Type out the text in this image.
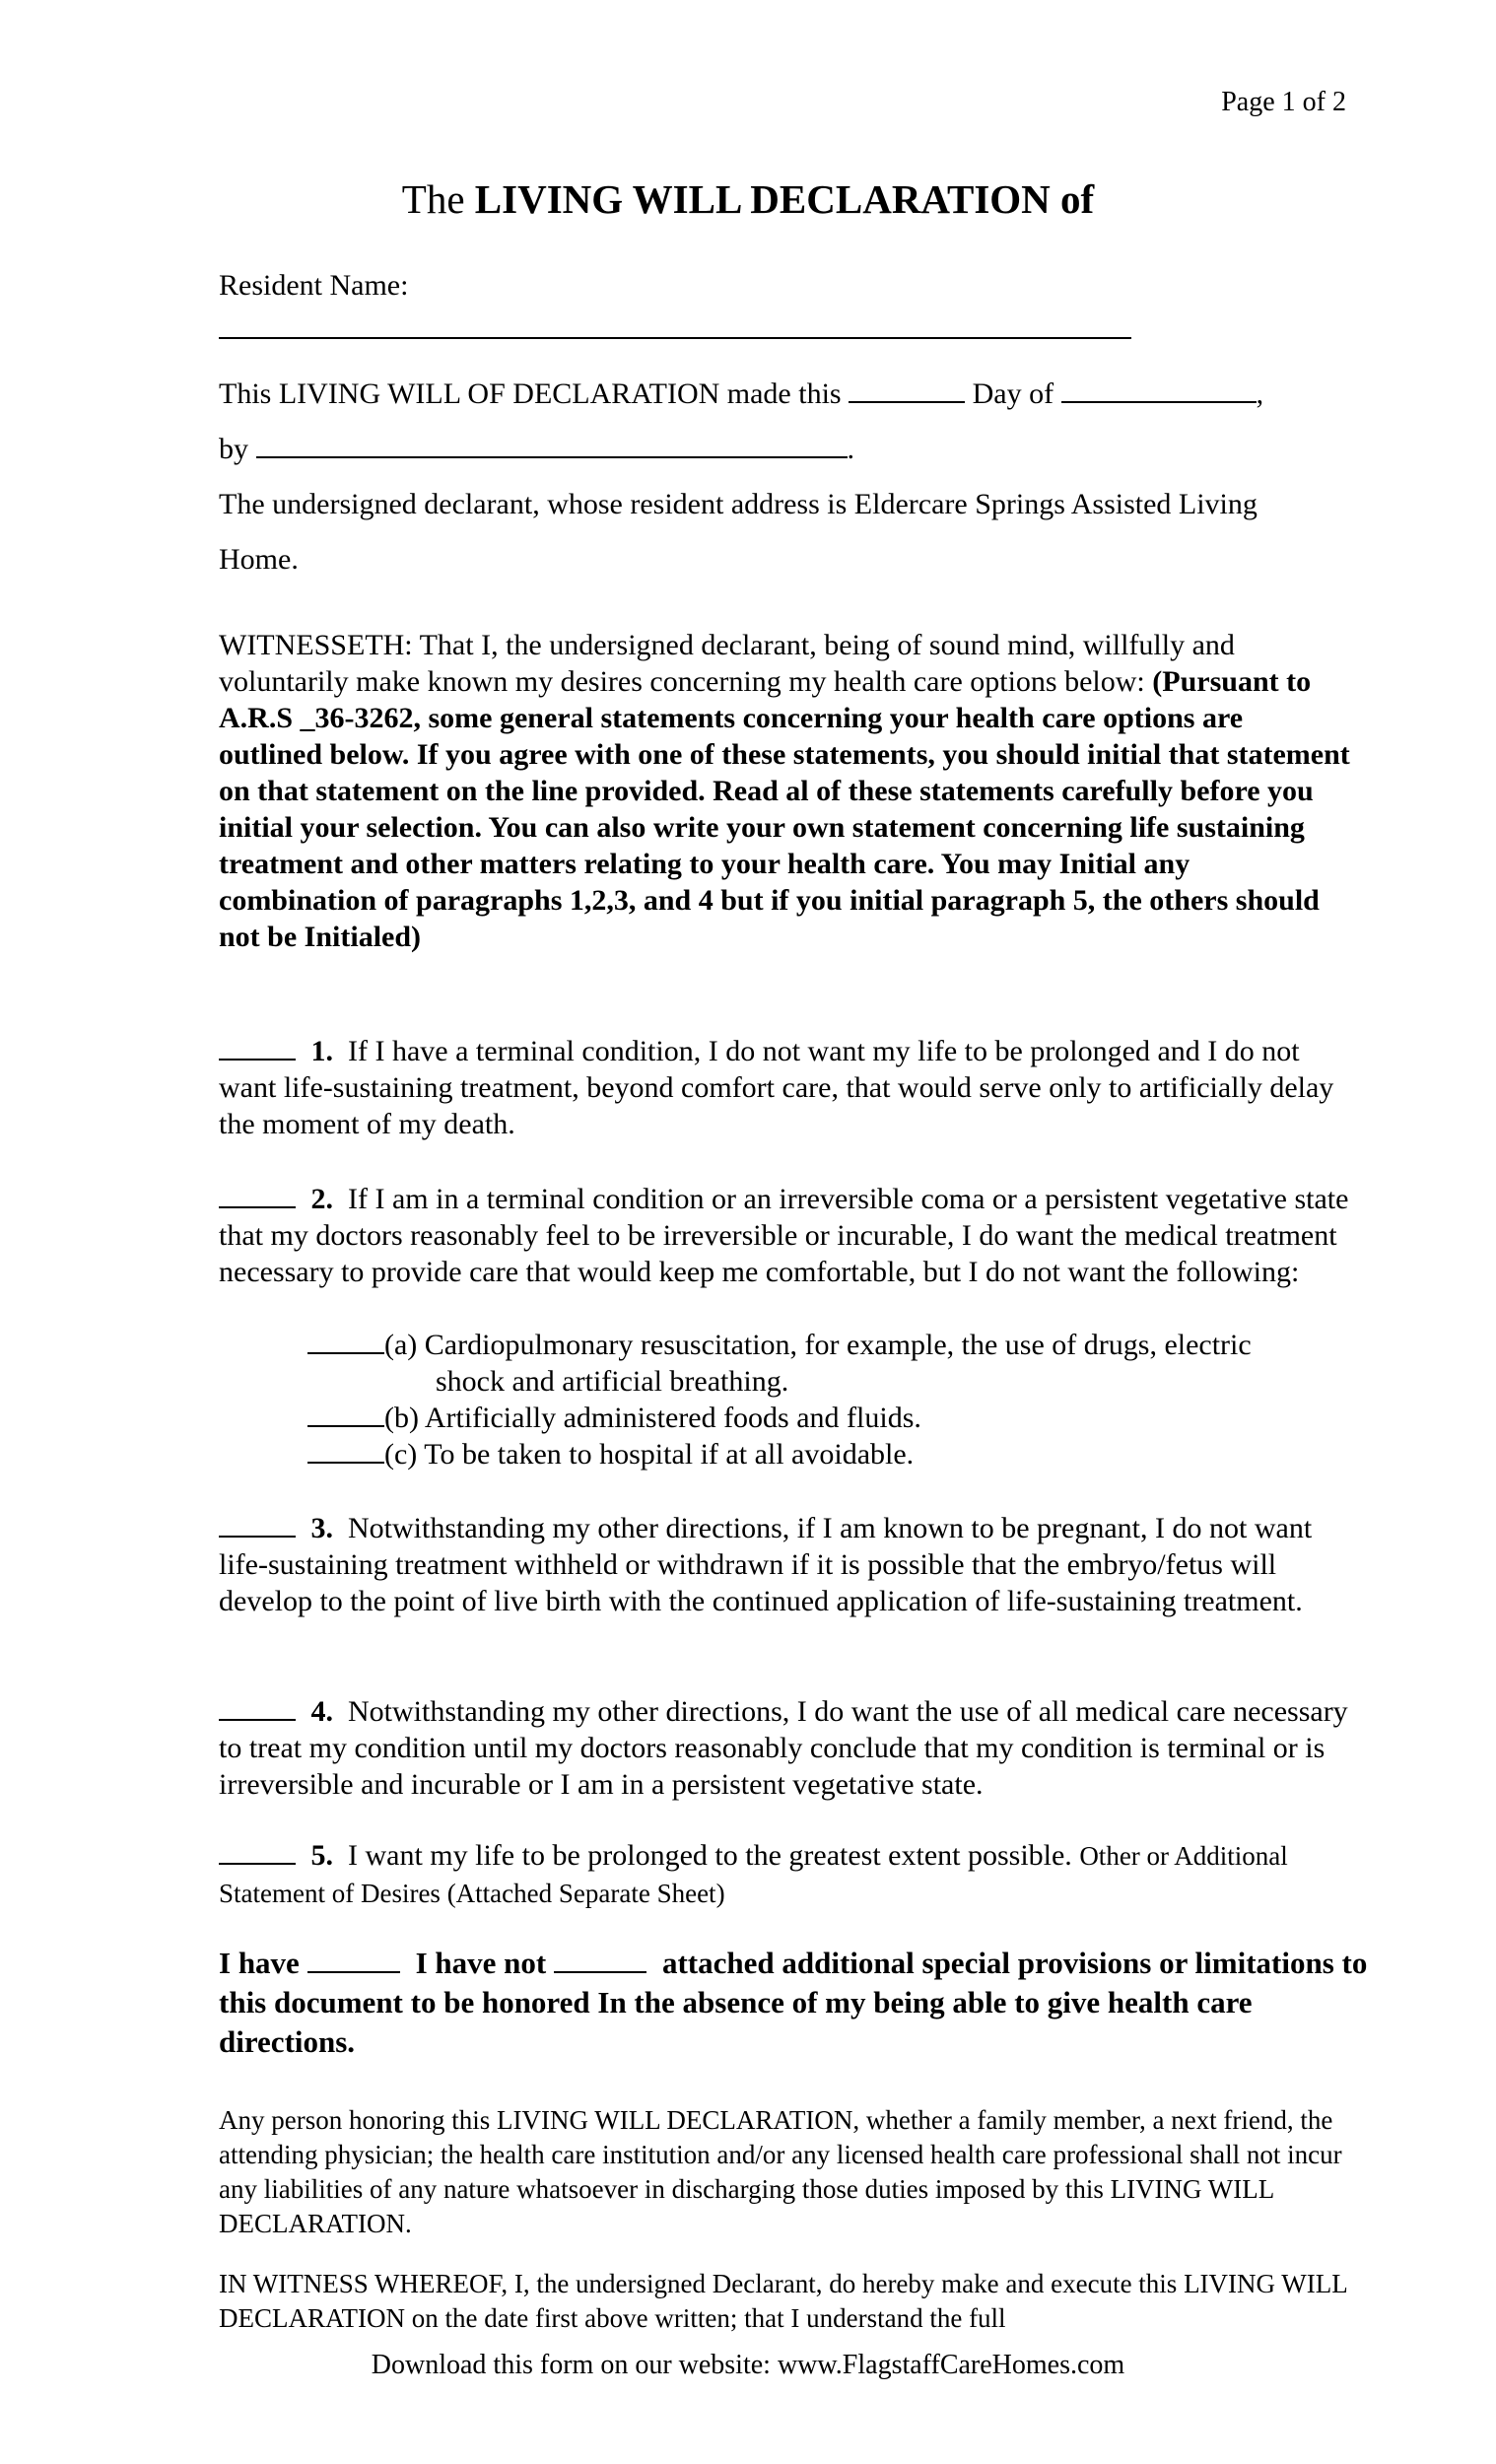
Page 1 of 2
The LIVING WILL DECLARATION of
Resident Name:
This LIVING WILL OF DECLARATION made this	Day of	,
by	.
The undersigned declarant, whose resident address is Eldercare Springs Assisted Living
Home.
WITNESSETH: That I, the undersigned declarant, being of sound mind, willfully and voluntarily make known my desires concerning my health care options below: (Pursuant to A.R.S _36-3262, some general statements concerning your health care options are outlined below. If you agree with one of these statements, you should initial that statement on that statement on the line provided. Read al of these statements carefully before you initial your selection. You can also write your own statement concerning life sustaining treatment and other matters relating to your health care. You may Initial any combination of paragraphs 1,2,3, and 4 but if you initial paragraph 5, the others should not be Initialed)
1. If I have a terminal condition, I do not want my life to be prolonged and I do not want life-sustaining treatment, beyond comfort care, that would serve only to artificially delay the moment of my death.
2. If I am in a terminal condition or an irreversible coma or a persistent vegetative state that my doctors reasonably feel to be irreversible or incurable, I do want the medical treatment necessary to provide care that would keep me comfortable, but I do not want the following:
(a) Cardiopulmonary resuscitation, for example, the use of drugs, electric
shock and artificial breathing.
(b) Artificially administered foods and fluids.
(c) To be taken to hospital if at all avoidable.
3. Notwithstanding my other directions, if I am known to be pregnant, I do not want life-sustaining treatment withheld or withdrawn if it is possible that the embryo/fetus will develop to the point of live birth with the continued application of life-sustaining treatment.
4. Notwithstanding my other directions, I do want the use of all medical care necessary to treat my condition until my doctors reasonably conclude that my condition is terminal or is irreversible and incurable or I am in a persistent vegetative state.
5. I want my life to be prolonged to the greatest extent possible. Other or Additional Statement of Desires (Attached Separate Sheet)
I have	I have not	attached additional special provisions or limitations to this document to be honored In the absence of my being able to give health care directions.
Any person honoring this LIVING WILL DECLARATION, whether a family member, a next friend, the attending physician; the health care institution and/or any licensed health care professional shall not incur any liabilities of any nature whatsoever in discharging those duties imposed by this LIVING WILL DECLARATION.
IN WITNESS WHEREOF, I, the undersigned Declarant, do hereby make and execute this LIVING WILL DECLARATION on the date first above written; that I understand the full
Download this form on our website: www.FlagstaffCareHomes.com
